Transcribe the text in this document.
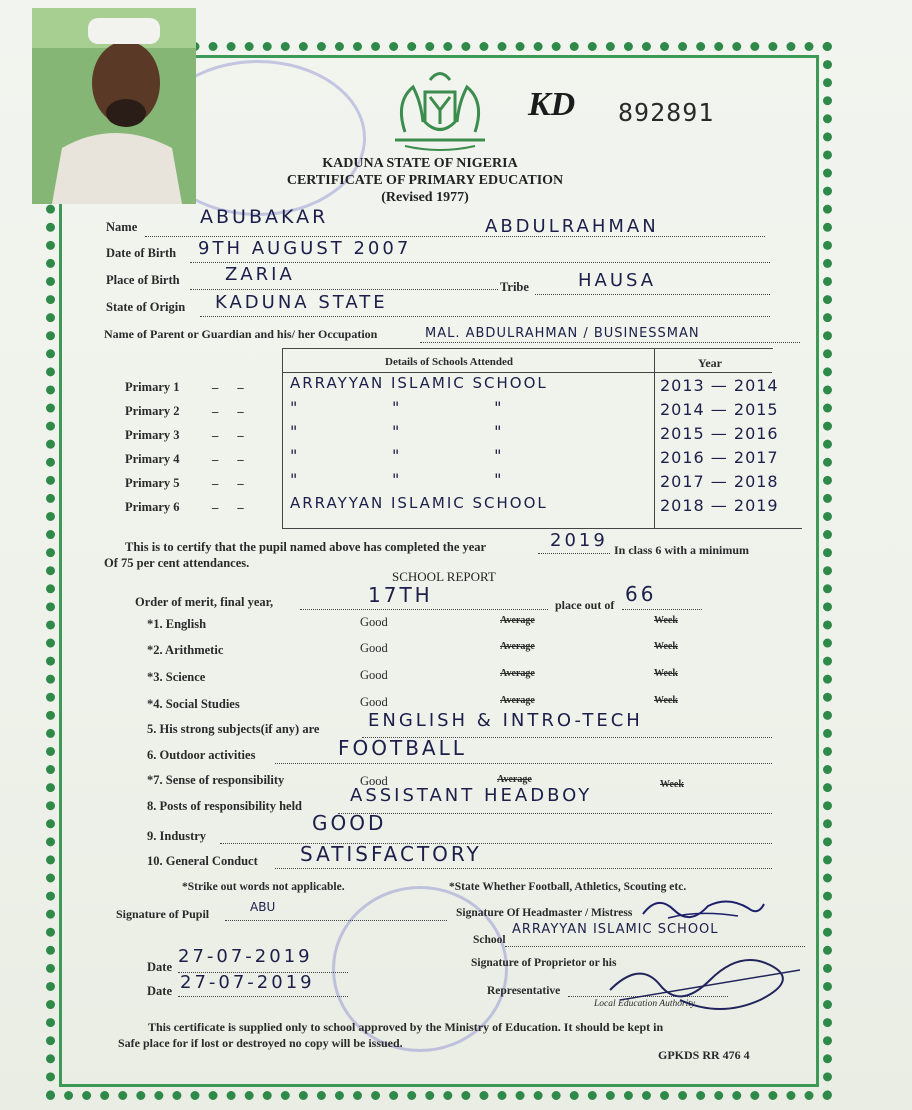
KD 892891
KADUNA STATE OF NIGERIA
CERTIFICATE OF PRIMARY EDUCATION
(Revised 1977)
Name	ABUBAKAR	ABDULRAHMAN
Date of Birth 9TH AUGUST 2007
Place of Birth	ZARIA
Tribe	HAUSA
State of Origin KADUNA STATE
Name of Parent or Guardian and his/ her Occupation	MAL. ABDULRAHMAN / BUSINESSMAN
Details of Schools Attended	Year
Primary 1	_ _	ARRAYYAN ISLAMIC SCHOOL	2013 — 2014
Primary 2	_ _ "        "        "	2014 — 2015
Primary 3	_ _ "        "        "	2015 — 2016
Primary 4	_ _ "        "        "	2016 — 2017
Primary 5	_ _ "        "        "	2017 — 2018
Primary 6	_ _	ARRAYYAN ISLAMIC SCHOOL	2018 — 2019
This is to certify that the pupil named above has completed the year	2019 In class 6 with a minimum
Of 75 per cent attendances.
SCHOOL REPORT
Order of merit, final year,	17TH	place out of 66
*1. English	Good	Average	Week
*2. Arithmetic	Good	Average	Week
*3. Science	Good	Average	Week
*4. Social Studies	Good	Average	Week
5. His strong subjects(if any) are	ENGLISH & INTRO-TECH
6. Outdoor activities	FOOTBALL
*7. Sense of responsibility	Good	Average	Week
8. Posts of responsibility held	ASSISTANT HEADBOY
9. Industry
GOOD
10. General Conduct SATISFACTORY
*Strike out words not applicable.	*State Whether Football, Athletics, Scouting etc.
Signature of Pupil	ABU	Signature Of Headmaster / Mistress
School
ARRAYYAN ISLAMIC SCHOOL
Date 27-07-2019	Signature of Proprietor or his
Date 27-07-2019	Representative
Local Education Authority
This certificate is supplied only to school approved by the Ministry of Education. It should be kept in
Safe place for if lost or destroyed no copy will be issued.
GPKDS RR 476 4
